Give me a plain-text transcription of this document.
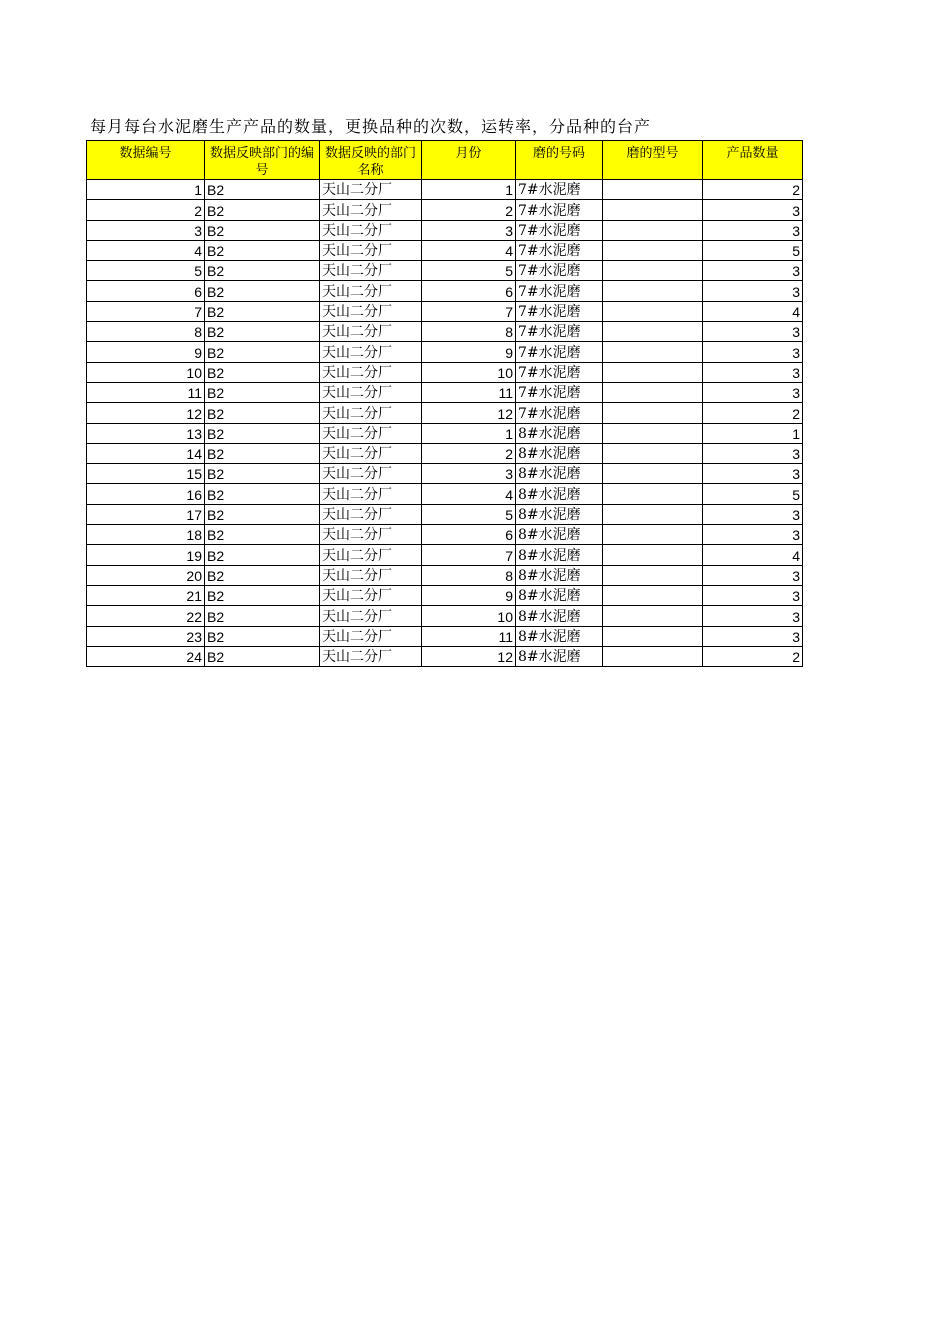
每月每台水泥磨生产产品的数量，更换品种的次数，运转率，分品种的台产
数据编号	数据反映部门的编号	数据反映的部门名称	月份	磨的号码	磨的型号	产品数量
1	B2	天山二分厂	1	7#水泥磨		2
2	B2	天山二分厂	2	7#水泥磨		3
3	B2	天山二分厂	3	7#水泥磨		3
4	B2	天山二分厂	4	7#水泥磨		5
5	B2	天山二分厂	5	7#水泥磨		3
6	B2	天山二分厂	6	7#水泥磨		3
7	B2	天山二分厂	7	7#水泥磨		4
8	B2	天山二分厂	8	7#水泥磨		3
9	B2	天山二分厂	9	7#水泥磨		3
10	B2	天山二分厂	10	7#水泥磨		3
11	B2	天山二分厂	11	7#水泥磨		3
12	B2	天山二分厂	12	7#水泥磨		2
13	B2	天山二分厂	1	8#水泥磨		1
14	B2	天山二分厂	2	8#水泥磨		3
15	B2	天山二分厂	3	8#水泥磨		3
16	B2	天山二分厂	4	8#水泥磨		5
17	B2	天山二分厂	5	8#水泥磨		3
18	B2	天山二分厂	6	8#水泥磨		3
19	B2	天山二分厂	7	8#水泥磨		4
20	B2	天山二分厂	8	8#水泥磨		3
21	B2	天山二分厂	9	8#水泥磨		3
22	B2	天山二分厂	10	8#水泥磨		3
23	B2	天山二分厂	11	8#水泥磨		3
24	B2	天山二分厂	12	8#水泥磨		2
